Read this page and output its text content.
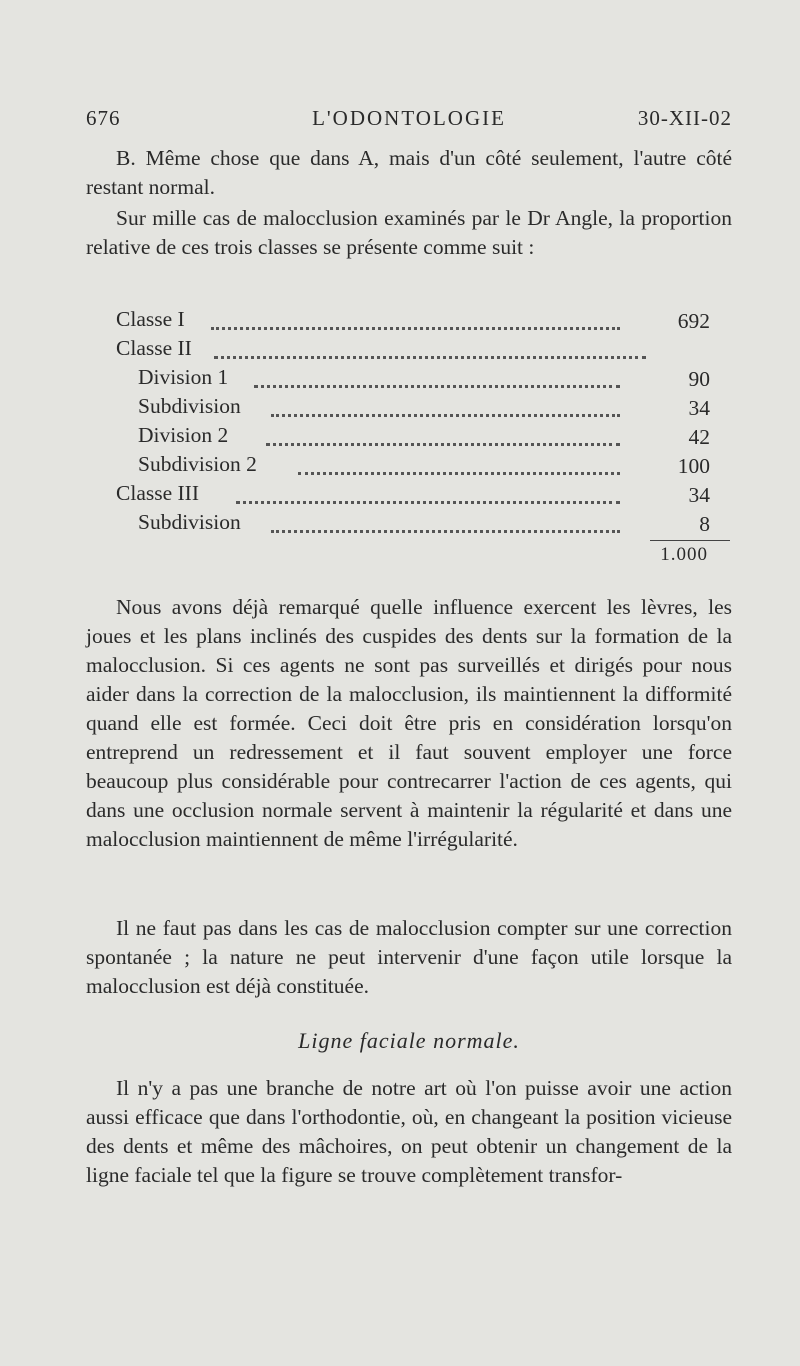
676	L'ODONTOLOGIE	30-XII-02

B. Même chose que dans A, mais d'un côté seulement, l'autre côté restant normal.

Sur mille cas de malocclusion examinés par le Dr Angle, la proportion relative de ces trois classes se présente comme suit :

Classe I	692
Classe II
Division 1	90
Subdivision	34
Division 2	42
Subdivision 2	100
Classe III	34
Subdivision	8
1.000

Nous avons déjà remarqué quelle influence exercent les lèvres, les joues et les plans inclinés des cuspides des dents sur la formation de la malocclusion. Si ces agents ne sont pas surveillés et dirigés pour nous aider dans la correction de la malocclusion, ils maintiennent la difformité quand elle est formée. Ceci doit être pris en considération lorsqu'on entreprend un redressement et il faut souvent employer une force beaucoup plus considérable pour contrecarrer l'action de ces agents, qui dans une occlusion normale servent à maintenir la régularité et dans une malocclusion maintiennent de même l'irrégularité.

Il ne faut pas dans les cas de malocclusion compter sur une correction spontanée ; la nature ne peut intervenir d'une façon utile lorsque la malocclusion est déjà constituée.

Ligne faciale normale.

Il n'y a pas une branche de notre art où l'on puisse avoir une action aussi efficace que dans l'orthodontie, où, en changeant la position vicieuse des dents et même des mâchoires, on peut obtenir un changement de la ligne faciale tel que la figure se trouve complètement transfor-
